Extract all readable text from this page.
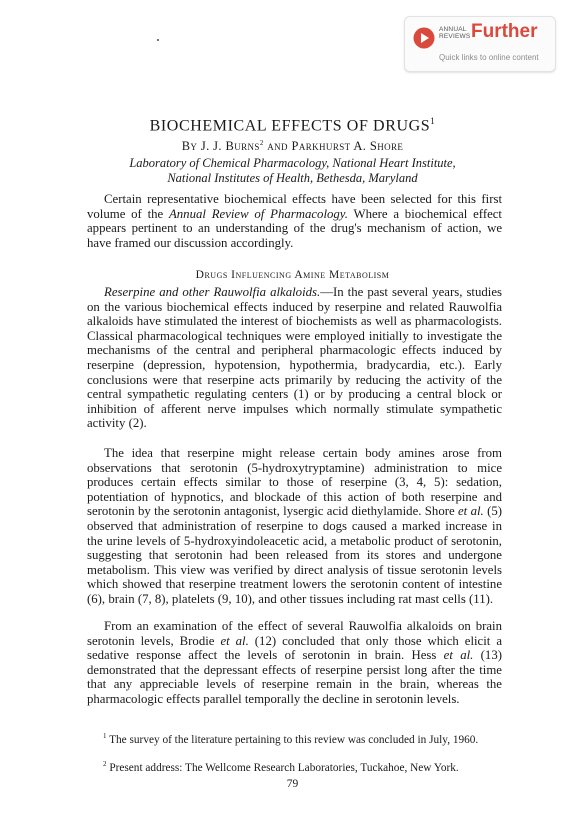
ANNUAL REVIEWS Further
Quick links to online content
BIOCHEMICAL EFFECTS OF DRUGS$^1$
By J. J. Burns$^2$ and Parkhurst A. Shore
Laboratory of Chemical Pharmacology, National Heart Institute,
National Institutes of Health, Bethesda, Maryland

Certain representative biochemical effects have been selected for this first volume of the Annual Review of Pharmacology. Where a biochemical effect appears pertinent to an understanding of the drug's mechanism of action, we have framed our discussion accordingly.

Drugs Influencing Amine Metabolism

Reserpine and other Rauwolfia alkaloids.—In the past several years, studies on the various biochemical effects induced by reserpine and related Rauwolfia alkaloids have stimulated the interest of biochemists as well as pharmacologists. Classical pharmacological techniques were employed initially to investigate the mechanisms of the central and peripheral pharmacologic effects induced by reserpine (depression, hypotension, hypothermia, bradycardia, etc.). Early conclusions were that reserpine acts primarily by reducing the activity of the central sympathetic regulating centers (1) or by producing a central block or inhibition of afferent nerve impulses which normally stimulate sympathetic activity (2).

The idea that reserpine might release certain body amines arose from observations that serotonin (5-hydroxytryptamine) administration to mice produces certain effects similar to those of reserpine (3, 4, 5): sedation, potentiation of hypnotics, and blockade of this action of both reserpine and serotonin by the serotonin antagonist, lysergic acid diethylamide. Shore et al. (5) observed that administration of reserpine to dogs caused a marked increase in the urine levels of 5-hydroxyindoleacetic acid, a metabolic product of serotonin, suggesting that serotonin had been released from its stores and undergone metabolism. This view was verified by direct analysis of tissue serotonin levels which showed that reserpine treatment lowers the serotonin content of intestine (6), brain (7, 8), platelets (9, 10), and other tissues including rat mast cells (11).

From an examination of the effect of several Rauwolfia alkaloids on brain serotonin levels, Brodie et al. (12) concluded that only those which elicit a sedative response affect the levels of serotonin in brain. Hess et al. (13) demonstrated that the depressant effects of reserpine persist long after the time that any appreciable levels of reserpine remain in the brain, whereas the pharmacologic effects parallel temporally the decline in serotonin levels.

$^1$ The survey of the literature pertaining to this review was concluded in July, 1960.

$^2$ Present address: The Wellcome Research Laboratories, Tuckahoe, New York.

79
